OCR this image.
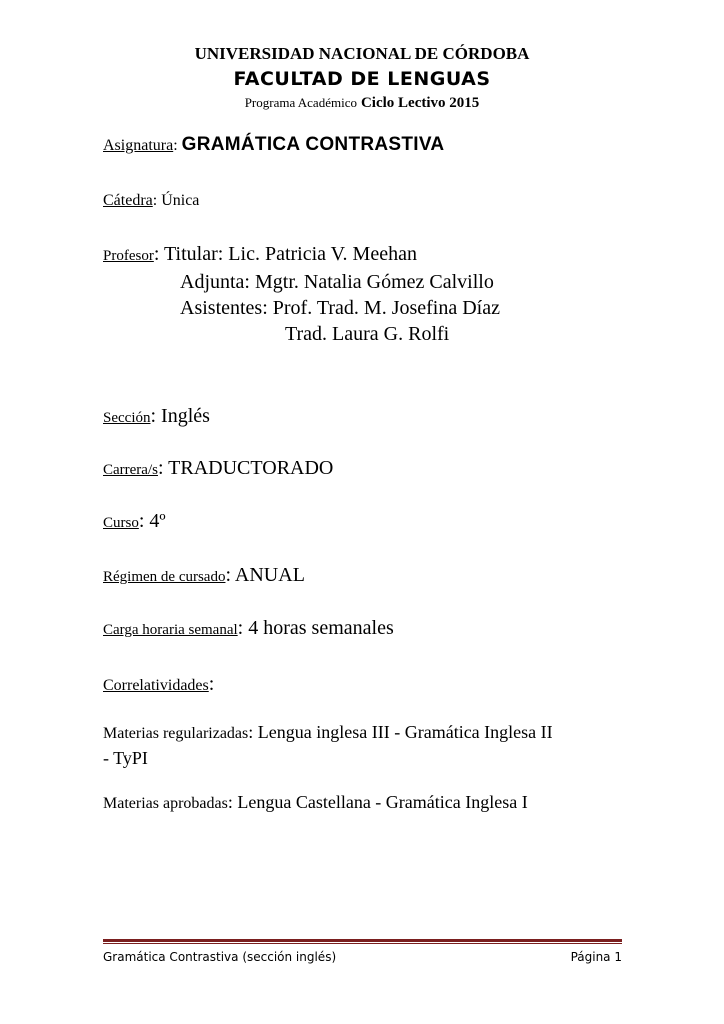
UNIVERSIDAD NACIONAL DE CÓRDOBA
FACULTAD DE LENGUAS
Programa Académico Ciclo Lectivo 2015
Asignatura: GRAMÁTICA CONTRASTIVA
Cátedra: Única
Profesor: Titular: Lic. Patricia V. Meehan
Adjunta: Mgtr. Natalia Gómez Calvillo
Asistentes: Prof. Trad. M. Josefina Díaz
Trad. Laura G. Rolfi
Sección: Inglés
Carrera/s: TRADUCTORADO
Curso: 4º
Régimen de cursado: ANUAL
Carga horaria semanal: 4 horas semanales
Correlatividades:
Materias regularizadas: Lengua inglesa III - Gramática Inglesa II
- TyPI
Materias aprobadas: Lengua Castellana - Gramática Inglesa I
Gramática Contrastiva (sección inglés)	Página 1
